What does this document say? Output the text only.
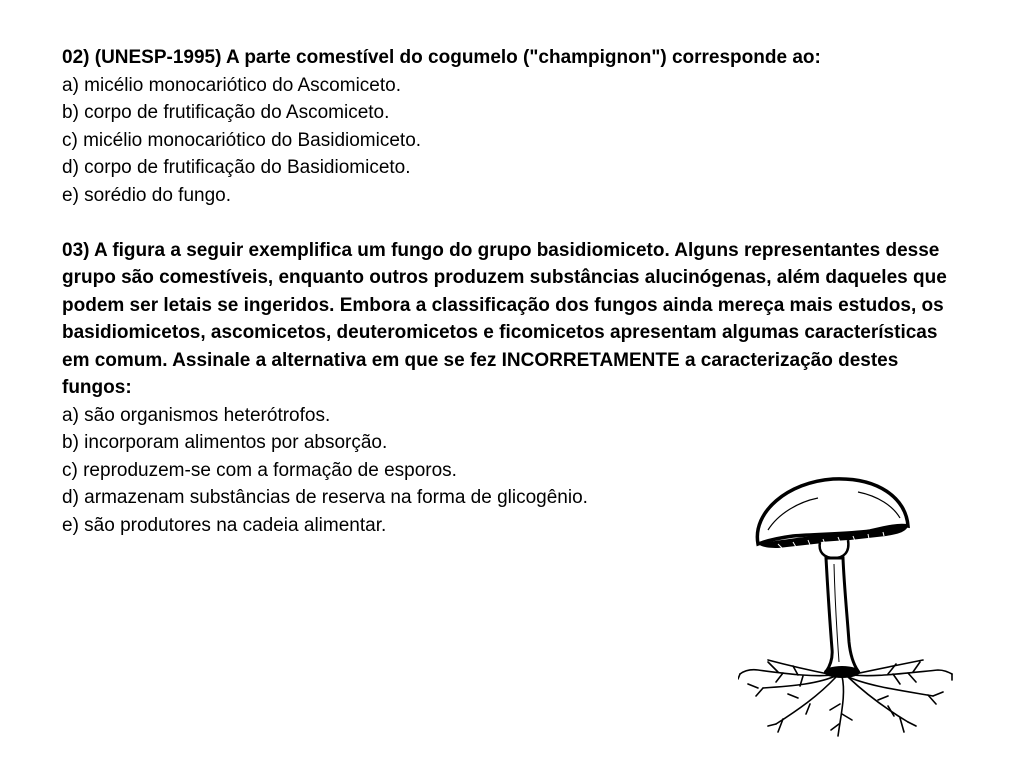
02) (UNESP-1995) A parte comestível do cogumelo ("champignon") corresponde ao:

a) micélio monocariótico do Ascomiceto.

b) corpo de frutificação do Ascomiceto.

c) micélio monocariótico do Basidiomiceto.

d) corpo de frutificação do Basidiomiceto.

e) sorédio do fungo.

03) A figura a seguir exemplifica um fungo do grupo basidiomiceto. Alguns representantes desse grupo são comestíveis, enquanto outros produzem substâncias alucinógenas, além daqueles que podem ser letais se ingeridos. Embora a classificação dos fungos ainda mereça mais estudos, os basidiomicetos, ascomicetos, deuteromicetos e ficomicetos apresentam algumas características em comum. Assinale a alternativa em que se fez INCORRETAMENTE a caracterização destes fungos:

a) são organismos heterótrofos.

b) incorporam alimentos por absorção.

c) reproduzem-se com a formação de esporos.

d) armazenam substâncias de reserva na forma de glicogênio.

e) são produtores na cadeia alimentar.
